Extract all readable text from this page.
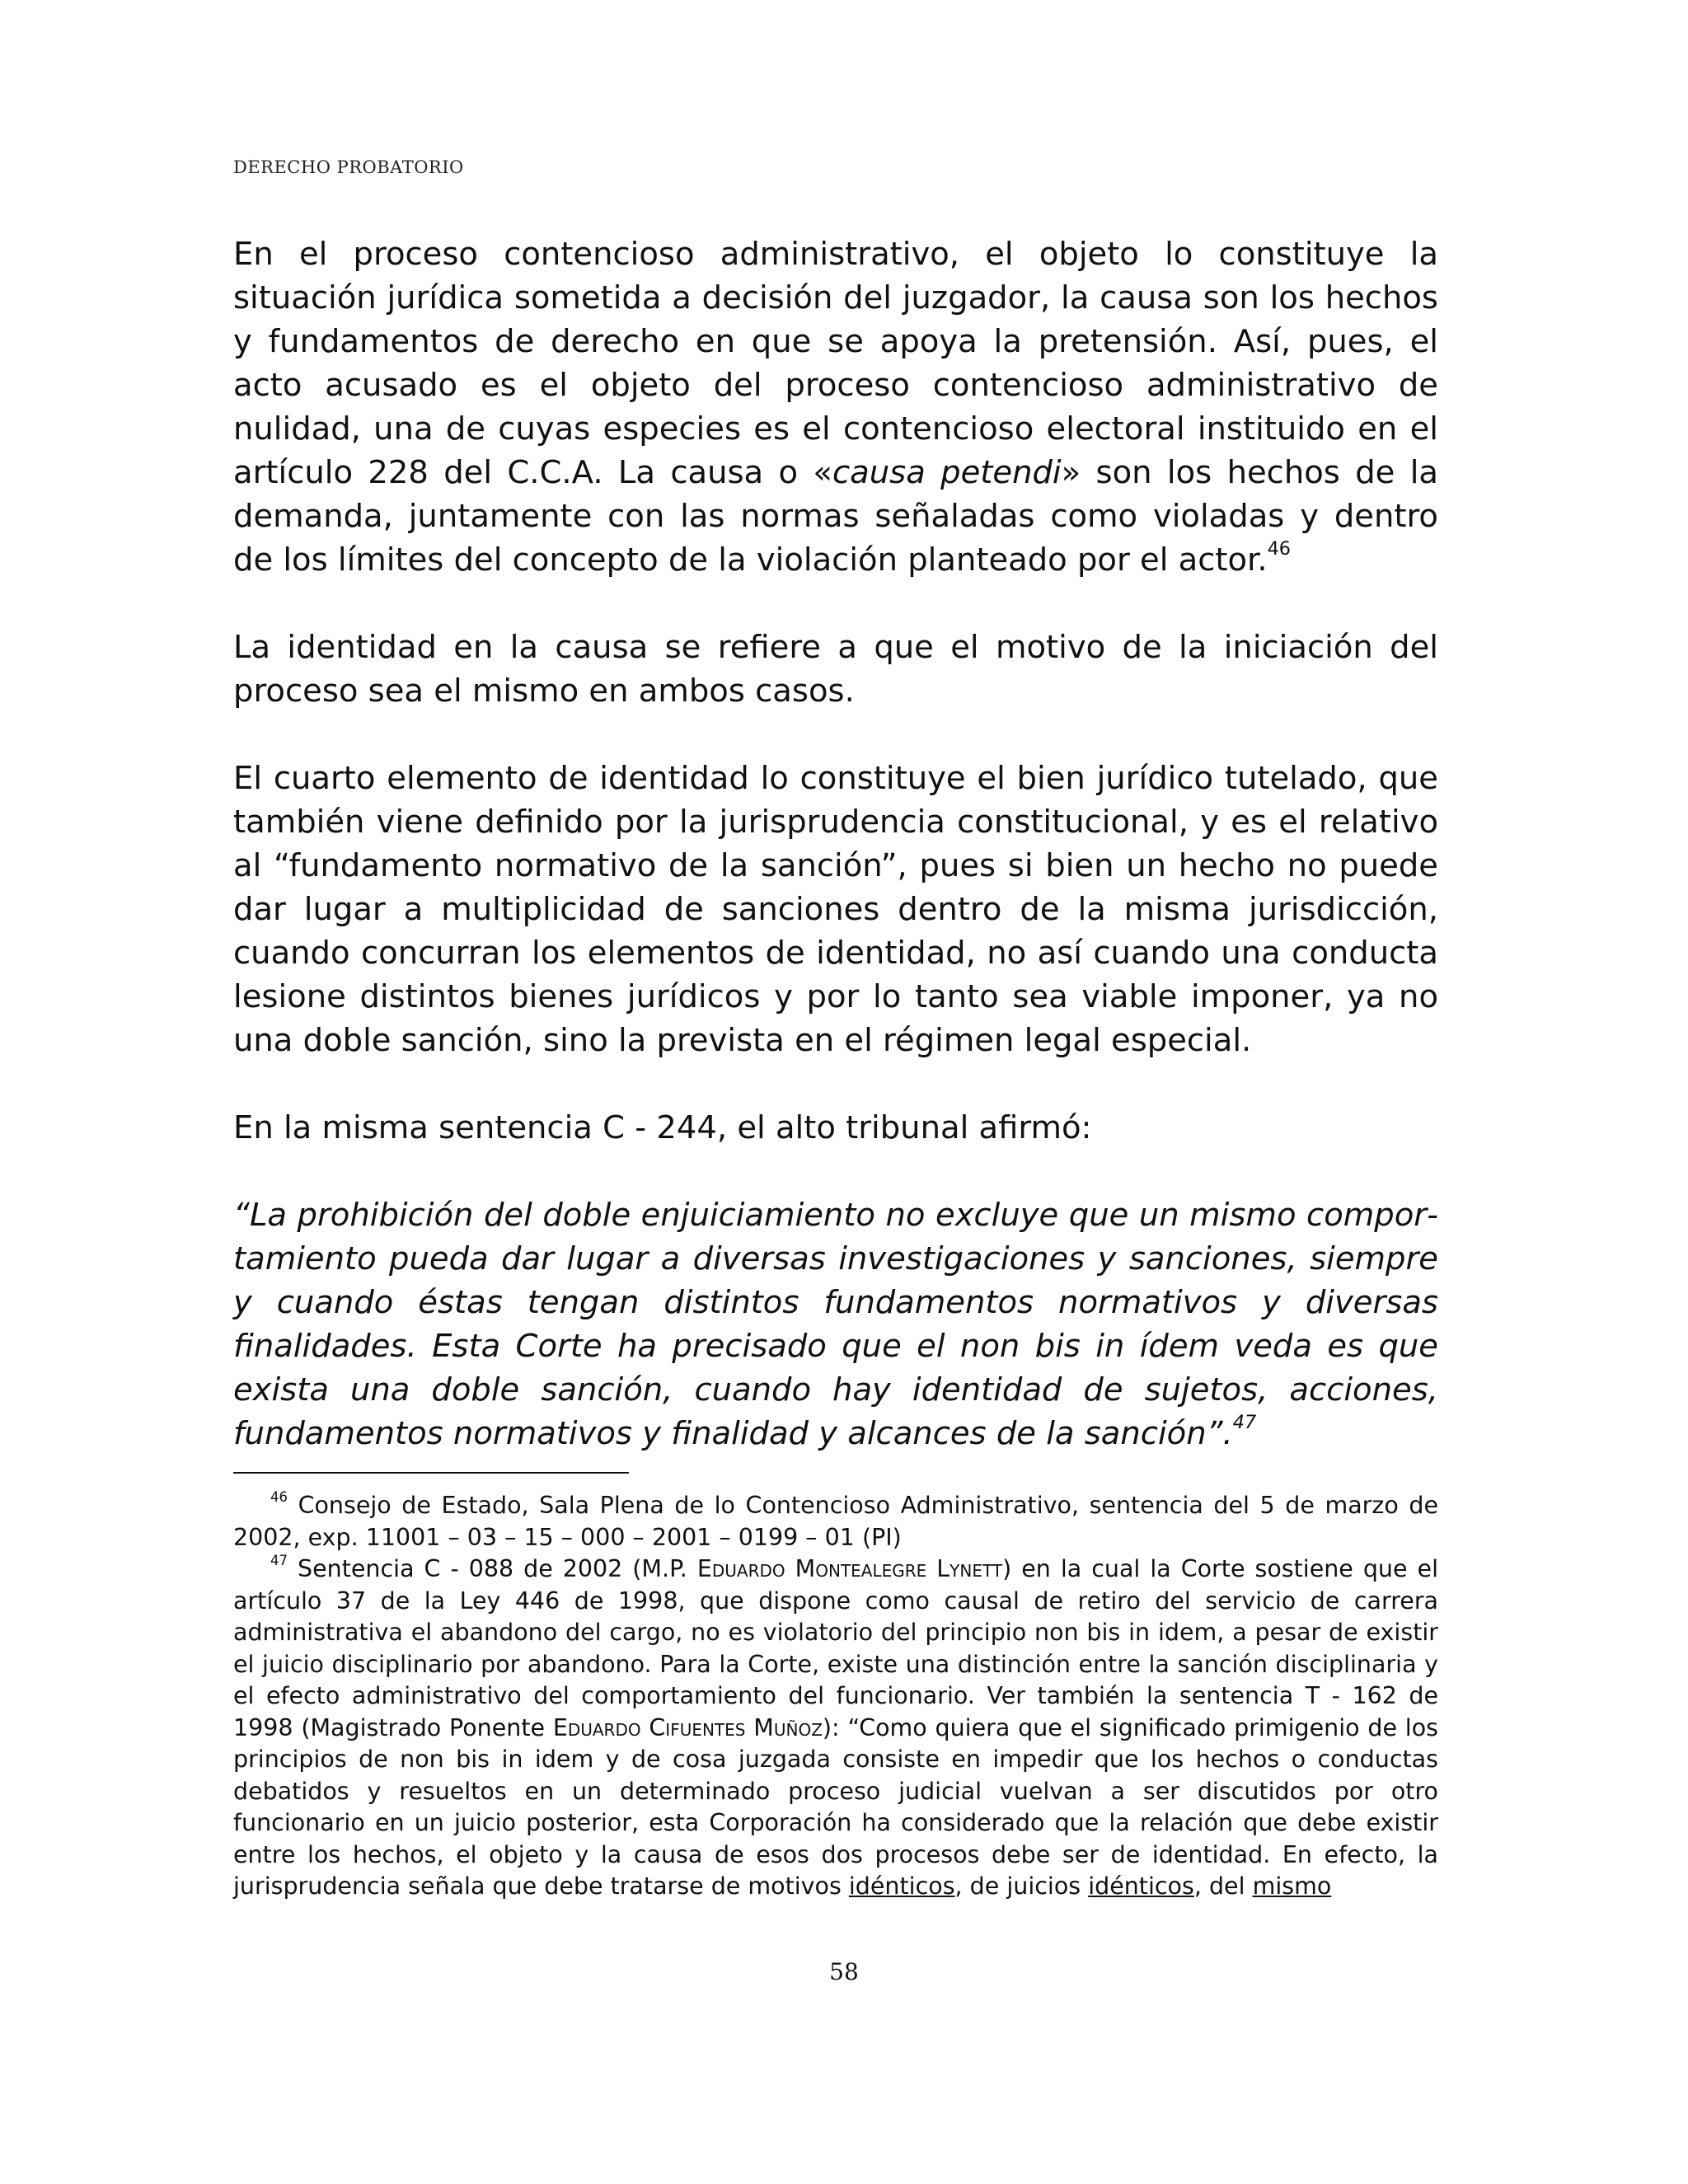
DERECHO PROBATORIO

En el proceso contencioso administrativo, el objeto lo constituye la situación jurídica sometida a decisión del juzgador, la causa son los hechos y fundamentos de derecho en que se apoya la pretensión. Así, pues, el acto acusado es el objeto del proceso contencioso administrativo de nulidad, una de cuyas especies es el contencioso electoral instituido en el artículo 228 del C.C.A. La causa o «causa petendi» son los hechos de la demanda, juntamente con las normas señaladas como violadas y dentro de los límites del concepto de la violación planteado por el actor.$^{46}$

La identidad en la causa se refiere a que el motivo de la iniciación del proceso sea el mismo en ambos casos.

El cuarto elemento de identidad lo constituye el bien jurídico tutelado, que también viene definido por la jurisprudencia constitucional, y es el relativo al “fundamento normativo de la sanción”, pues si bien un hecho no puede dar lugar a multiplicidad de sanciones dentro de la misma jurisdicción, cuando concurran los elementos de identidad, no así cuando una conducta lesione distintos bienes jurídicos y por lo tanto sea viable imponer, ya no una doble sanción, sino la prevista en el régimen legal especial.

En la misma sentencia C - 244, el alto tribunal afirmó:

“La prohibición del doble enjuiciamiento no excluye que un mismo comportamiento pueda dar lugar a diversas investigaciones y sanciones, siempre y cuando éstas tengan distintos fundamentos normativos y diversas finalidades. Esta Corte ha precisado que el non bis in ídem veda es que exista una doble sanción, cuando hay identidad de sujetos, acciones, fundamentos normativos y finalidad y alcances de la sanción”.$^{47}$

$^{46}$ Consejo de Estado, Sala Plena de lo Contencioso Administrativo, sentencia del 5 de marzo de 2002, exp. 11001 – 03 – 15 – 000 – 2001 – 0199 – 01 (PI)

$^{47}$ Sentencia C - 088 de 2002 (M.P. Eduardo Montealegre Lynett) en la cual la Corte sostiene que el artículo 37 de la Ley 446 de 1998, que dispone como causal de retiro del servicio de carrera administrativa el abandono del cargo, no es violatorio del principio non bis in idem, a pesar de existir el juicio disciplinario por abandono. Para la Corte, existe una distinción entre la sanción disciplinaria y el efecto administrativo del comportamiento del funcionario. Ver también la sentencia T - 162 de 1998 (Magistrado Ponente Eduardo Cifuentes Muñoz): “Como quiera que el significado primigenio de los principios de non bis in idem y de cosa juzgada consiste en impedir que los hechos o conductas debatidos y resueltos en un determinado proceso judicial vuelvan a ser discutidos por otro funcionario en un juicio posterior, esta Corporación ha considerado que la relación que debe existir entre los hechos, el objeto y la causa de esos dos procesos debe ser de identidad. En efecto, la jurisprudencia señala que debe tratarse de motivos idénticos, de juicios idénticos, del mismo

58
